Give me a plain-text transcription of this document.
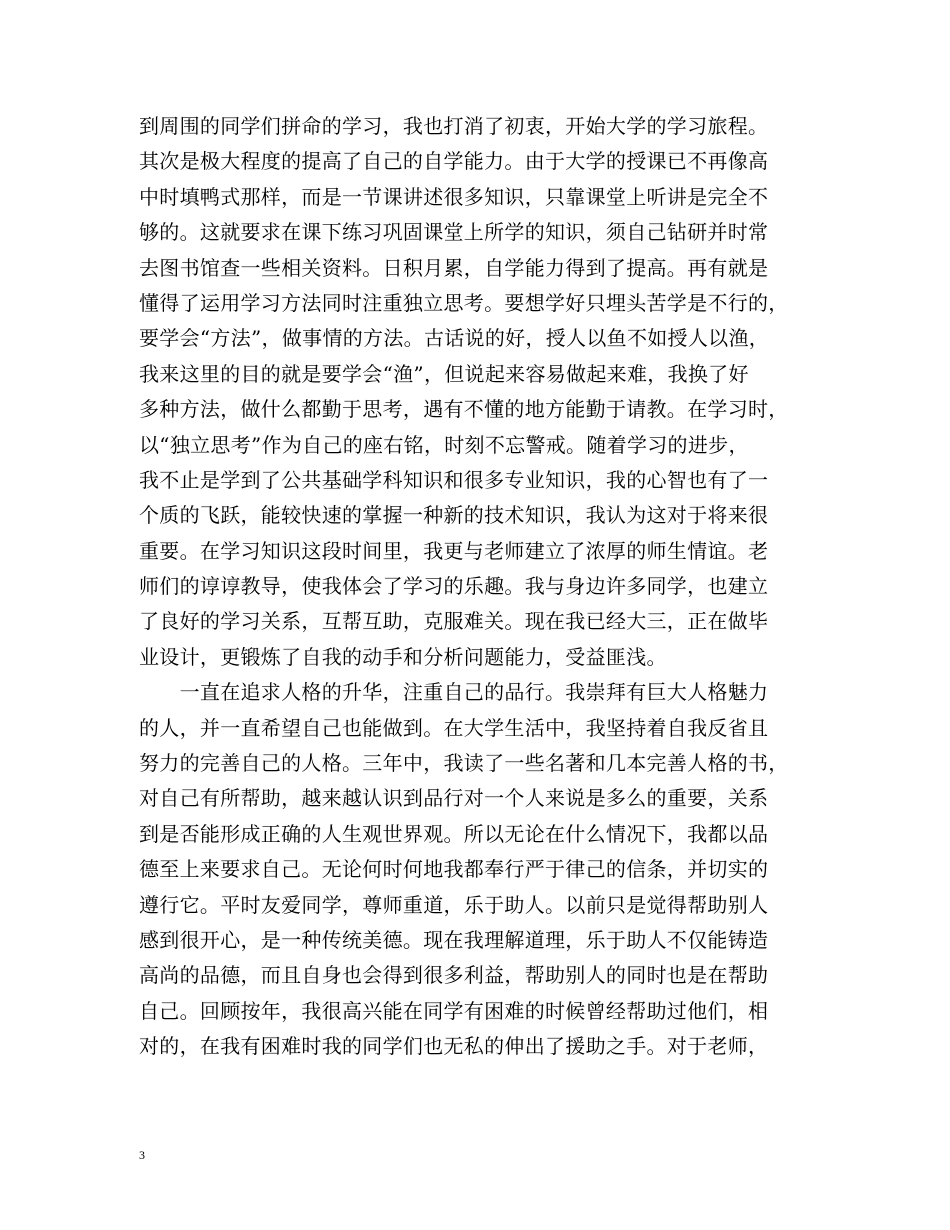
到周围的同学们拼命的学习，我也打消了初衷，开始大学的学习旅程。
其次是极大程度的提高了自己的自学能力。由于大学的授课已不再像高
中时填鸭式那样，而是一节课讲述很多知识，只靠课堂上听讲是完全不
够的。这就要求在课下练习巩固课堂上所学的知识，须自己钻研并时常
去图书馆查一些相关资料。日积月累，自学能力得到了提高。再有就是
懂得了运用学习方法同时注重独立思考。要想学好只埋头苦学是不行的，
要学会“方法”，做事情的方法。古话说的好，授人以鱼不如授人以渔，
我来这里的目的就是要学会“渔”，但说起来容易做起来难，我换了好
多种方法，做什么都勤于思考，遇有不懂的地方能勤于请教。在学习时，
以“独立思考”作为自己的座右铭，时刻不忘警戒。随着学习的进步，
我不止是学到了公共基础学科知识和很多专业知识，我的心智也有了一
个质的飞跃，能较快速的掌握一种新的技术知识，我认为这对于将来很
重要。在学习知识这段时间里，我更与老师建立了浓厚的师生情谊。老
师们的谆谆教导，使我体会了学习的乐趣。我与身边许多同学，也建立
了良好的学习关系，互帮互助，克服难关。现在我已经大三，正在做毕
业设计，更锻炼了自我的动手和分析问题能力，受益匪浅。
　　一直在追求人格的升华，注重自己的品行。我崇拜有巨大人格魅力
的人，并一直希望自己也能做到。在大学生活中，我坚持着自我反省且
努力的完善自己的人格。三年中，我读了一些名著和几本完善人格的书，
对自己有所帮助，越来越认识到品行对一个人来说是多么的重要，关系
到是否能形成正确的人生观世界观。所以无论在什么情况下，我都以品
德至上来要求自己。无论何时何地我都奉行严于律己的信条，并切实的
遵行它。平时友爱同学，尊师重道，乐于助人。以前只是觉得帮助别人
感到很开心，是一种传统美德。现在我理解道理，乐于助人不仅能铸造
高尚的品德，而且自身也会得到很多利益，帮助别人的同时也是在帮助
自己。回顾按年，我很高兴能在同学有困难的时候曾经帮助过他们，相
对的，在我有困难时我的同学们也无私的伸出了援助之手。对于老师，
3
